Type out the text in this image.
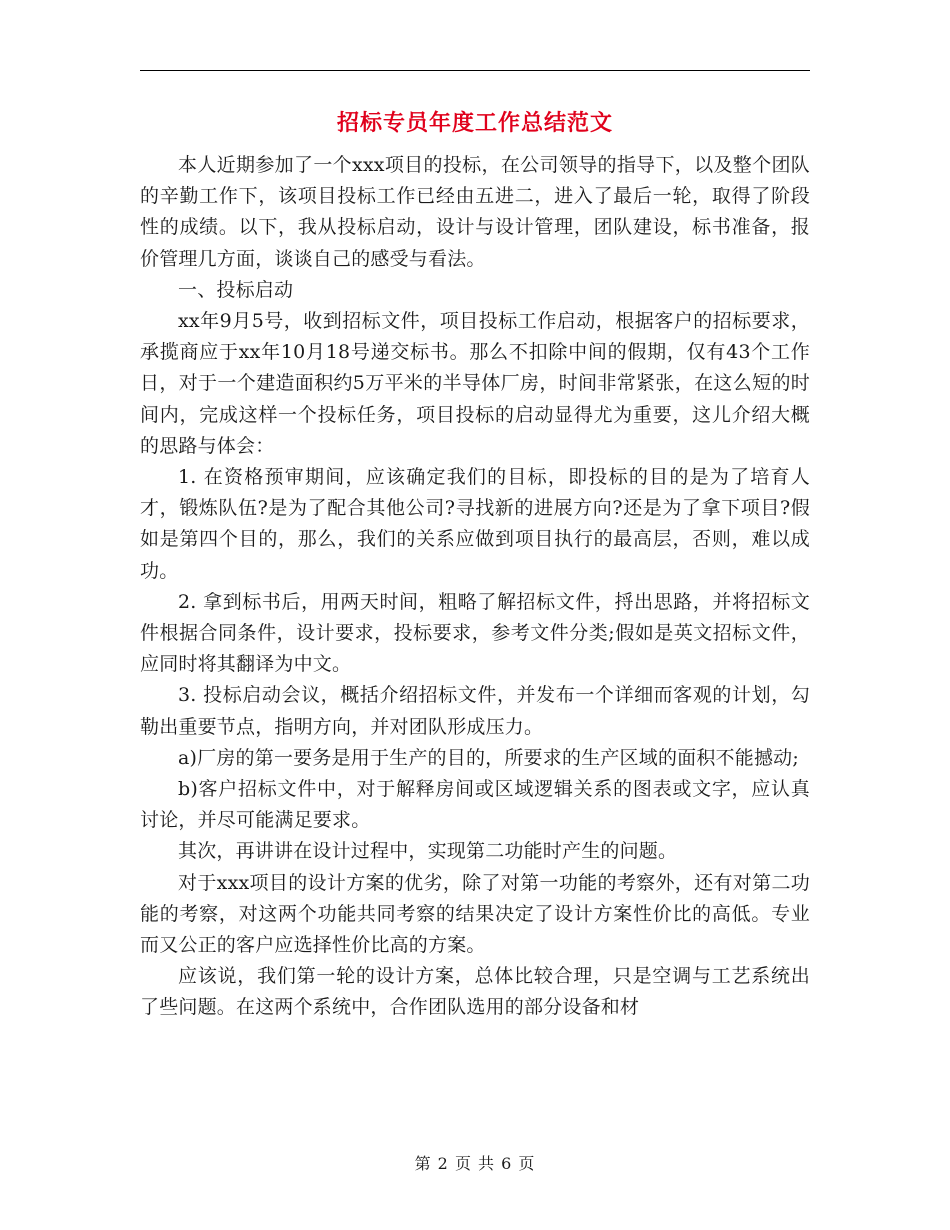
招标专员年度工作总结范文

本人近期参加了一个xxx项目的投标，在公司领导的指导下，以及整个团队的辛勤工作下，该项目投标工作已经由五进二，进入了最后一轮，取得了阶段性的成绩。以下，我从投标启动，设计与设计管理，团队建设，标书准备，报价管理几方面，谈谈自己的感受与看法。

一、投标启动

xx年9月5号，收到招标文件，项目投标工作启动，根据客户的招标要求，承揽商应于xx年10月18号递交标书。那么不扣除中间的假期，仅有43个工作日，对于一个建造面积约5万平米的半导体厂房，时间非常紧张，在这么短的时间内，完成这样一个投标任务，项目投标的启动显得尤为重要，这儿介绍大概的思路与体会：

1. 在资格预审期间，应该确定我们的目标，即投标的目的是为了培育人才，锻炼队伍?是为了配合其他公司?寻找新的进展方向?还是为了拿下项目?假如是第四个目的，那么，我们的关系应做到项目执行的最高层，否则，难以成功。

2. 拿到标书后，用两天时间，粗略了解招标文件，捋出思路，并将招标文件根据合同条件，设计要求，投标要求，参考文件分类;假如是英文招标文件，应同时将其翻译为中文。

3. 投标启动会议，概括介绍招标文件，并发布一个详细而客观的计划，勾勒出重要节点，指明方向，并对团队形成压力。

a)厂房的第一要务是用于生产的目的，所要求的生产区域的面积不能撼动;

b)客户招标文件中，对于解释房间或区域逻辑关系的图表或文字，应认真讨论，并尽可能满足要求。

其次，再讲讲在设计过程中，实现第二功能时产生的问题。

对于xxx项目的设计方案的优劣，除了对第一功能的考察外，还有对第二功能的考察，对这两个功能共同考察的结果决定了设计方案性价比的高低。专业而又公正的客户应选择性价比高的方案。

应该说，我们第一轮的设计方案，总体比较合理，只是空调与工艺系统出了些问题。在这两个系统中，合作团队选用的部分设备和材

第 2 页 共 6 页
